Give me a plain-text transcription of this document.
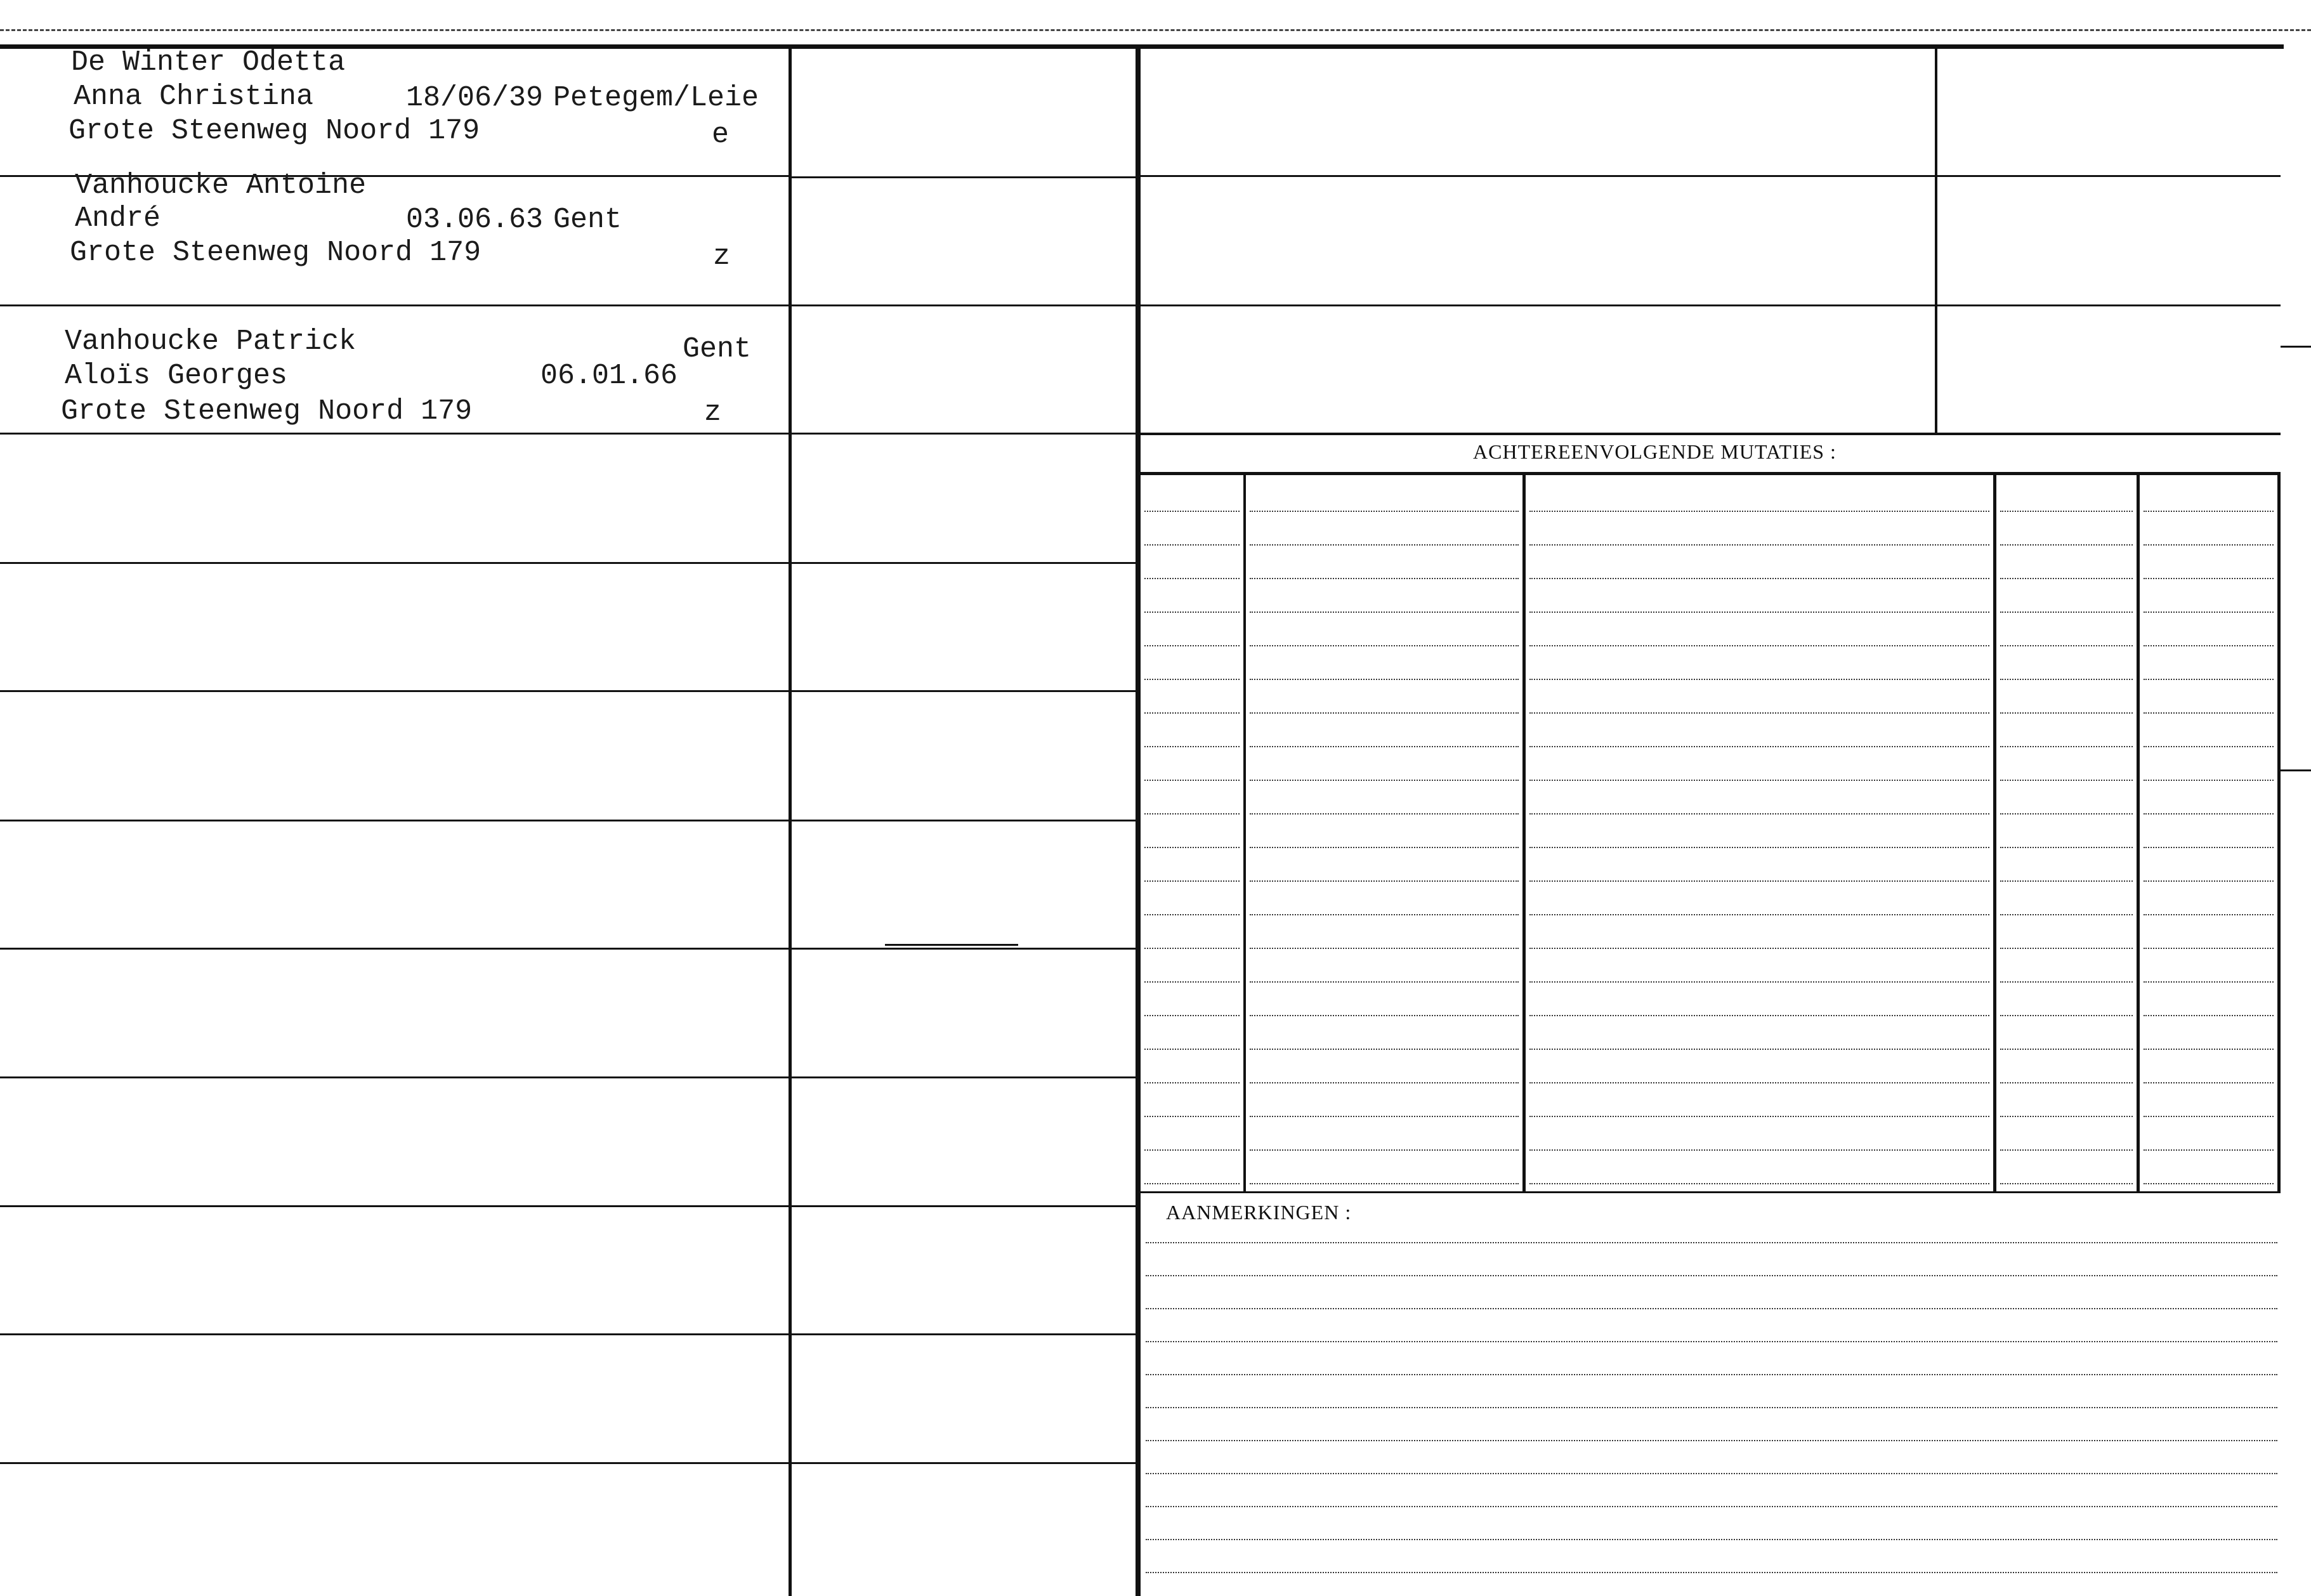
ACHTEREENVOLGENDE MUTATIES :
AANMERKINGEN :
De Winter Odetta
Anna Christina	18/06/39 Petegem/Leie
Grote Steenweg Noord 179	e
Vanhoucke Antoine
André	03.06.63 Gent
Grote Steenweg Noord 179	z
Vanhoucke Patrick	Gent
Aloïs Georges	06.01.66
Grote Steenweg Noord 179	z
